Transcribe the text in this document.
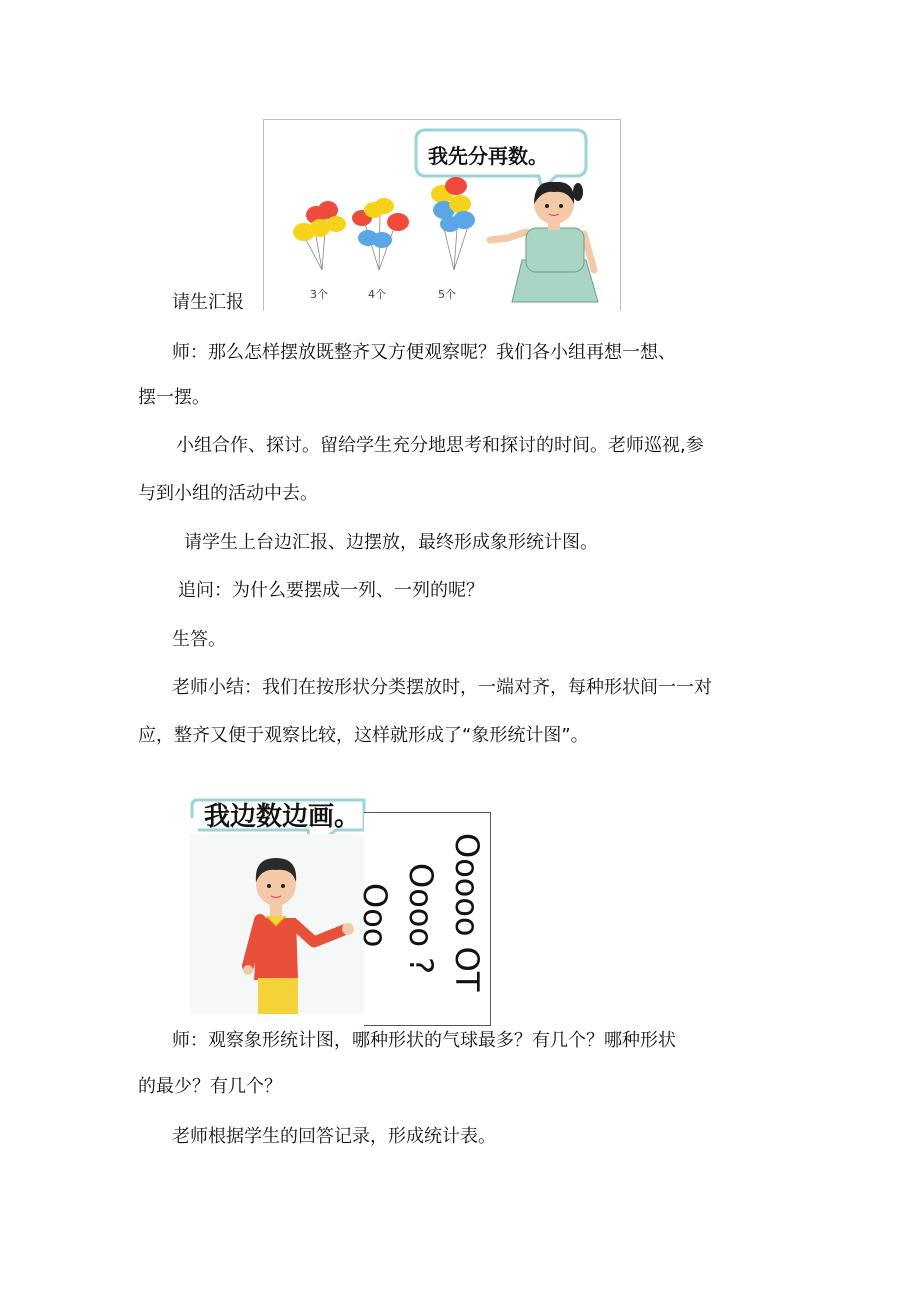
我先分再数。
3个	4个	5个
请生汇报
师：那么怎样摆放既整齐又方便观察呢？我们各小组再想一想、
摆一摆。
小组合作、探讨。留给学生充分地思考和探讨的时间。老师巡视,参
与到小组的活动中去。
请学生上台边汇报、边摆放，最终形成象形统计图。
追问：为什么要摆成一列、一列的呢？
生答。
老师小结：我们在按形状分类摆放时，一端对齐，每种形状间一一对
应，整齐又便于观察比较，这样就形成了“象形统计图”。
我边数边画。
Ooooo OT
Oooo ?
Ooo
师：观察象形统计图，哪种形状的气球最多？有几个？哪种形状
的最少？有几个？
老师根据学生的回答记录，形成统计表。
